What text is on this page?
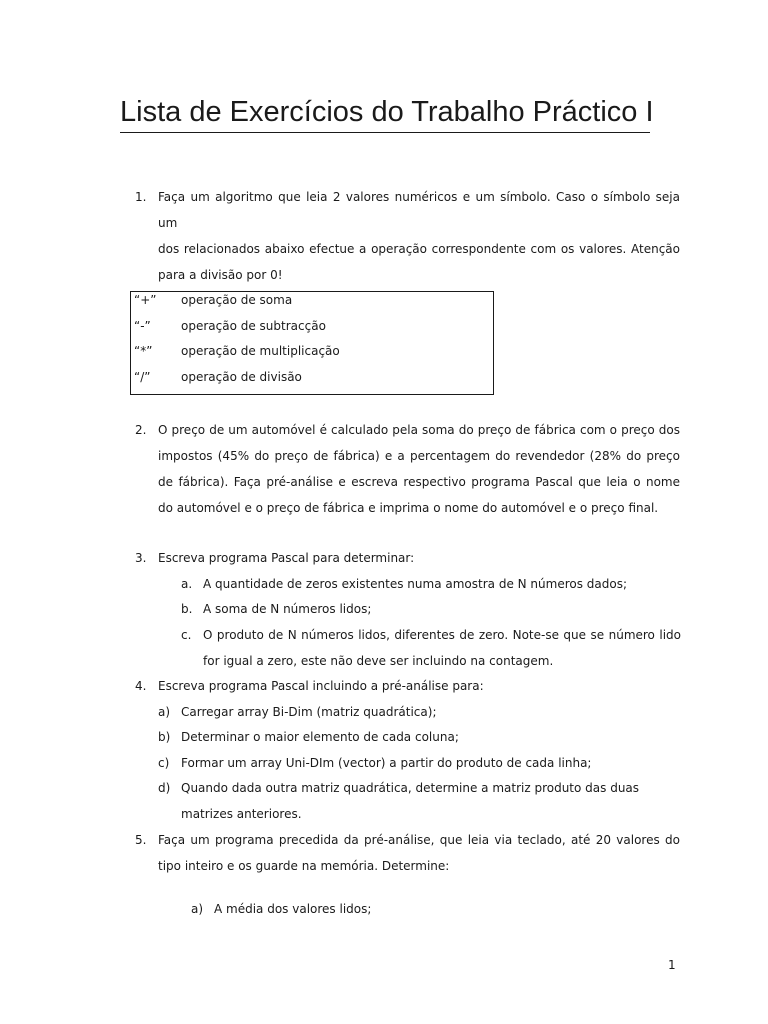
Lista de Exercícios do Trabalho Práctico I
1. Faça um algoritmo que leia 2 valores numéricos e um símbolo. Caso o símbolo seja um
dos relacionados abaixo efectue a operação correspondente com os valores. Atenção
para a divisão por 0!
“+” operação de soma
“-”	operação de subtracção
“*” operação de multiplicação
“/”	operação de divisão
2. O preço de um automóvel é calculado pela soma do preço de fábrica com o preço dos
impostos (45% do preço de fábrica) e a percentagem do revendedor (28% do preço
de fábrica). Faça pré-análise e escreva respectivo programa Pascal que leia o nome
do automóvel e o preço de fábrica e imprima o nome do automóvel e o preço final.
3. Escreva programa Pascal para determinar:
a. A quantidade de zeros existentes numa amostra de N números dados;
b. A soma de N números lidos;
c. O produto de N números lidos, diferentes de zero. Note-se que se número lido
for igual a zero, este não deve ser incluindo na contagem.
4. Escreva programa Pascal incluindo a pré-análise para:
a) Carregar array Bi-Dim (matriz quadrática);
b) Determinar o maior elemento de cada coluna;
c) Formar um array Uni-DIm (vector) a partir do produto de cada linha;
d) Quando dada outra matriz quadrática, determine a matriz produto das duas
matrizes anteriores.
5. Faça um programa precedida da pré-análise, que leia via teclado, até 20 valores do
tipo inteiro e os guarde na memória. Determine:
a) A média dos valores lidos;
1
